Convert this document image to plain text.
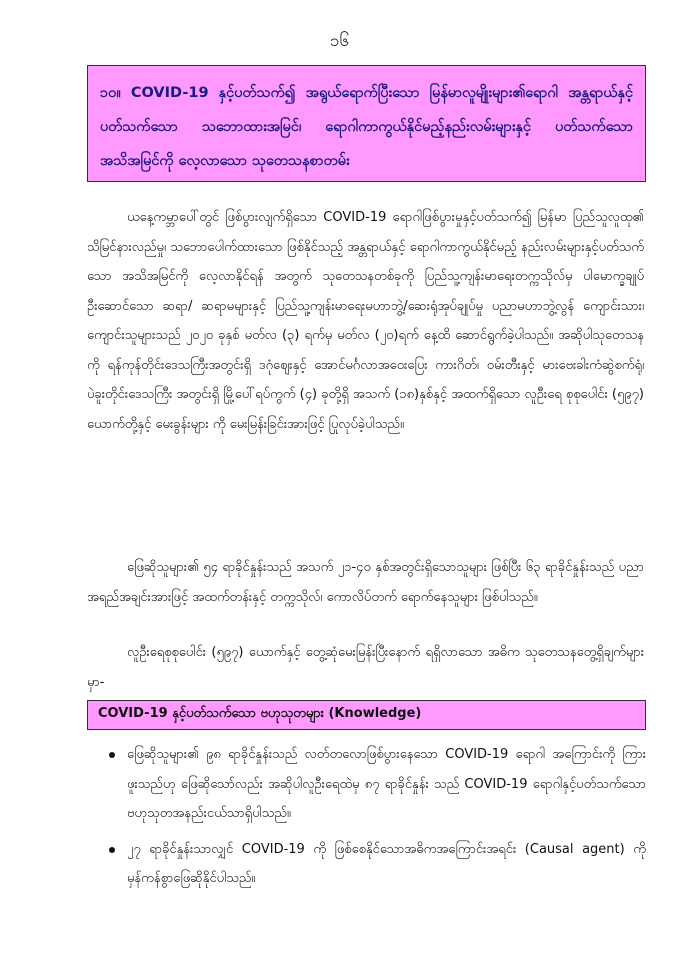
၁၆

၁၀။ COVID-19 နှင့်ပတ်သက်၍ အရွယ်ရောက်ပြီးသော မြန်မာလူမျိုးများ၏ရောဂါ အန္တရာယ်နှင့်ပတ်သက်သော သဘောထားအမြင်၊ ရောဂါကာကွယ်နိုင်မည့်နည်းလမ်းများနှင့် ပတ်သက်သော အသိအမြင်ကို လေ့လာသော သုတေသနစာတမ်း

ယနေ့ကမ္ဘာပေါ်တွင် ဖြစ်ပွားလျက်ရှိသော COVID-19 ရောဂါဖြစ်ပွားမှုနှင့်ပတ်သက်၍ မြန်မာ ပြည်သူလူထု၏ သိမြင်နားလည်မှု၊ သဘောပေါက်ထားသော ဖြစ်နိုင်သည့် အန္တရာယ်နှင့် ရောဂါကာကွယ်နိုင်မည့် နည်းလမ်းများနှင့်ပတ်သက်သော အသိအမြင်ကို လေ့လာနိုင်ရန် အတွက် သုတေသနတစ်ခုကို ပြည်သူ့ကျန်းမာရေးတက္ကသိုလ်မှ ပါမောက္ခချုပ်ဦးဆောင်သော ဆရာ/ ဆရာမများနှင့် ပြည်သူ့ကျန်းမာရေးမဟာဘွဲ့/ဆေးရုံအုပ်ချုပ်မှု ပညာမဟာဘွဲ့လွန် ကျောင်းသား၊ ကျောင်းသူများသည် ၂၀၂၀ ခုနှစ် မတ်လ (၃) ရက်မှ မတ်လ (၂၀)ရက် နေ့ထိ ဆောင်ရွက်ခဲ့ပါသည်။ အဆိုပါသုတေသနကို ရန်ကုန်တိုင်းဒေသကြီးအတွင်းရှိ ဒဂုံဈေးနှင့် အောင်မင်္ဂလာအဝေးပြေး ကားဂိတ်၊ ဝမ်းတီးနှင့် မားဗေးခါးကံဆွဲစက်ရုံ၊ ပဲခူးတိုင်းဒေသကြီး အတွင်းရှိ မြို့ပေါ်ရပ်ကွက် (၄) ခုတို့ရှိ အသက် (၁၈)နှစ်နှင့် အထက်ရှိသော လူဦးရေ စုစုပေါင်း (၅၉၇) ယောက်တို့နှင့် မေးခွန်းများ ကို မေးမြန်းခြင်းအားဖြင့် ပြုလုပ်ခဲ့ပါသည်။

ဖြေဆိုသူများ၏ ၅၄ ရာခိုင်နှုန်းသည် အသက် ၂၁-၄၀ နှစ်အတွင်းရှိသောသူများ ဖြစ်ပြီး ၆၃ ရာခိုင်နှုန်းသည် ပညာအရည်အချင်းအားဖြင့် အထက်တန်းနှင့် တက္ကသိုလ်၊ ကောလိပ်တက် ရောက်နေသူများ ဖြစ်ပါသည်။

လူဦးရေစုစုပေါင်း (၅၉၇) ယောက်နှင့် တွေ့ဆုံမေးမြန်းပြီးနောက် ရရှိလာသော အဓိက သုတေသနတွေ့ရှိချက်များမှာ-

COVID-19 နှင့်ပတ်သက်သော ဗဟုသုတများ (Knowledge)
ဖြေဆိုသူများ၏ ၉၈ ရာခိုင်နှုန်းသည် လတ်တလောဖြစ်ပွားနေသော COVID-19 ရောဂါ အကြောင်းကို ကြားဖူးသည်ဟု ဖြေဆိုသော်လည်း အဆိုပါလူဦးရေထဲမှ ၈၇ ရာခိုင်နှုန်း သည် COVID-19 ရောဂါနှင့်ပတ်သက်သော ဗဟုသုတအနည်းငယ်သာရှိပါသည်။
၂၇ ရာခိုင်နှုန်းသာလျှင် COVID-19 ကို ဖြစ်စေနိုင်သောအဓိကအကြောင်းအရင်း (Causal agent) ကို မှန်ကန်စွာဖြေဆိုနိုင်ပါသည်။
